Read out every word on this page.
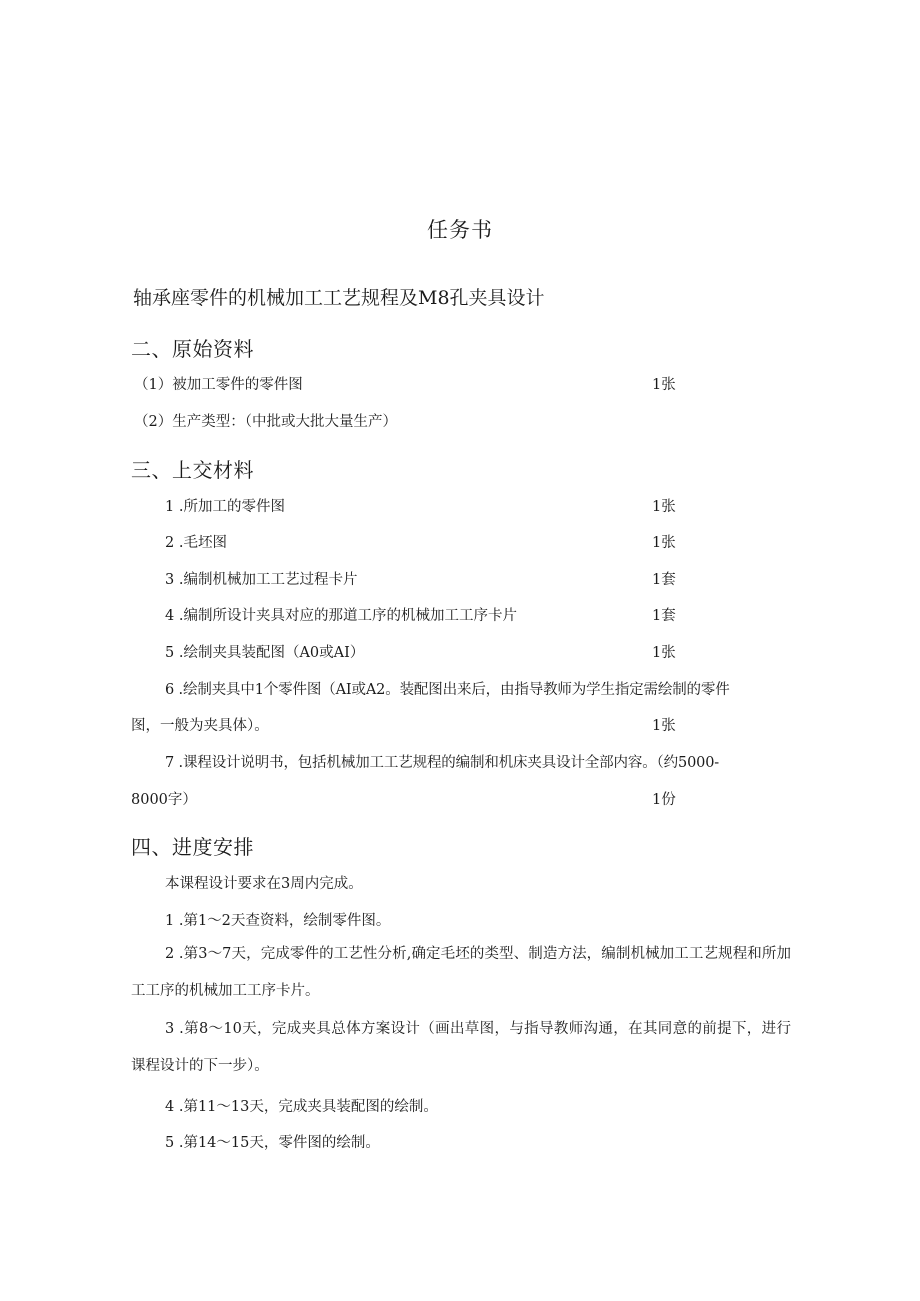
任务书
轴承座零件的机械加工工艺规程及M8孔夹具设计
二、原始资料
（1）被加工零件的零件图	1张
（2）生产类型：（中批或大批大量生产）
三、上交材料
1 .所加工的零件图	1张
2 .毛坯图	1张
3 .编制机械加工工艺过程卡片	1套
4 .编制所设计夹具对应的那道工序的机械加工工序卡片	1套
5 .绘制夹具装配图（A0或AI）	1张
6 .绘制夹具中1个零件图（AI或A2。装配图出来后，由指导教师为学生指定需绘制的零件
图，一般为夹具体）。	1张
7 .课程设计说明书，包括机械加工工艺规程的编制和机床夹具设计全部内容。（约5000-
8000字）	1份
四、进度安排
本课程设计要求在3周内完成。
1 .第1～2天查资料，绘制零件图。
2 .第3～7天，完成零件的工艺性分析,确定毛坯的类型、制造方法，编制机械加工工艺规程和所加工工序的机械加工工序卡片。
3 .第8～10天，完成夹具总体方案设计（画出草图，与指导教师沟通，在其同意的前提下，进行课程设计的下一步）。
4 .第11～13天，完成夹具装配图的绘制。
5 .第14～15天，零件图的绘制。
